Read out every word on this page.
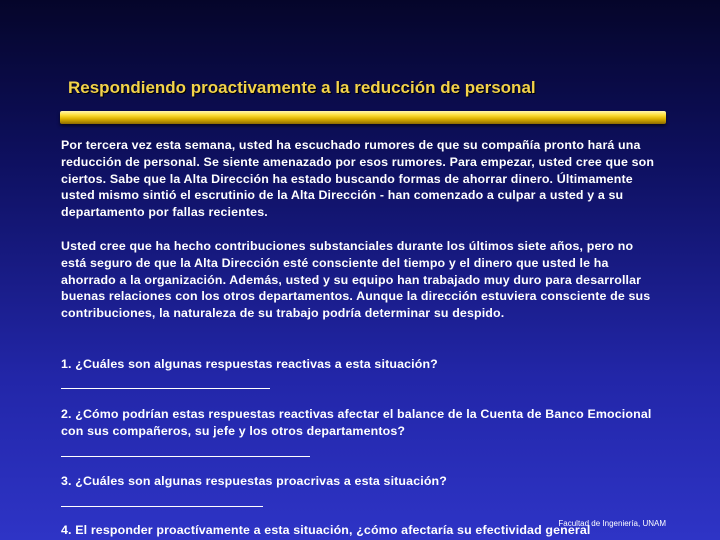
Respondiendo proactivamente a la reducción de personal
Por tercera vez esta semana, usted ha escuchado rumores de que su compañía pronto hará una reducción de personal. Se siente amenazado por esos rumores. Para empezar, usted cree que son ciertos. Sabe que la Alta Dirección ha estado buscando formas de ahorrar dinero. Últimamente usted mismo sintió el escrutinio de la Alta Dirección - han comenzado a culpar a usted y a su departamento por fallas recientes.
Usted cree que ha hecho contribuciones substanciales durante los últimos siete años, pero no está seguro de que la Alta Dirección esté consciente del tiempo y el dinero que usted le ha ahorrado a la organización. Además, usted y su equipo han trabajado muy duro para desarrollar buenas relaciones con los otros departamentos. Aunque la dirección estuviera consciente de sus contribuciones, la naturaleza de su trabajo podría determinar su despido.
1. ¿Cuáles son algunas respuestas reactivas a esta situación?
2. ¿Cómo podrían estas respuestas reactivas afectar el balance de la Cuenta de Banco Emocional con sus compañeros, su jefe y los otros departamentos?
3. ¿Cuáles son algunas respuestas proacrivas a esta situación?
4. El responder proactívamente a esta situación, ¿cómo afectaría su efectividad general
Facultad de Ingeniería, UNAM
